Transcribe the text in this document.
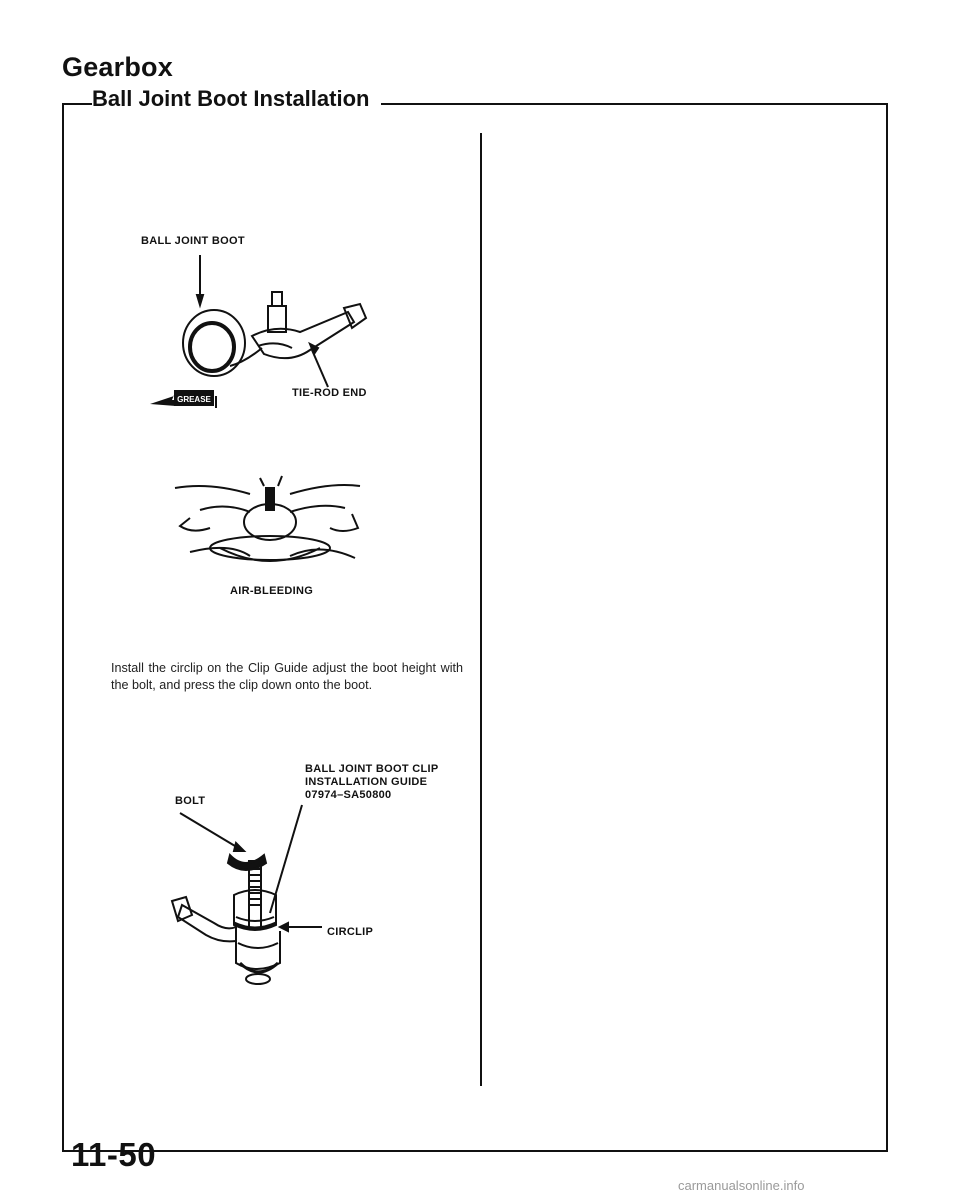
Gearbox
Ball Joint Boot Installation
BALL JOINT BOOT
GREASE
TIE-ROD END
AIR-BLEEDING
Install the circlip on the Clip Guide adjust the boot height with the bolt, and press the clip down onto the boot.
BALL JOINT BOOT CLIP
INSTALLATION GUIDE
07974–SA50800
BOLT
CIRCLIP
11-50
carmanualsonline.info
